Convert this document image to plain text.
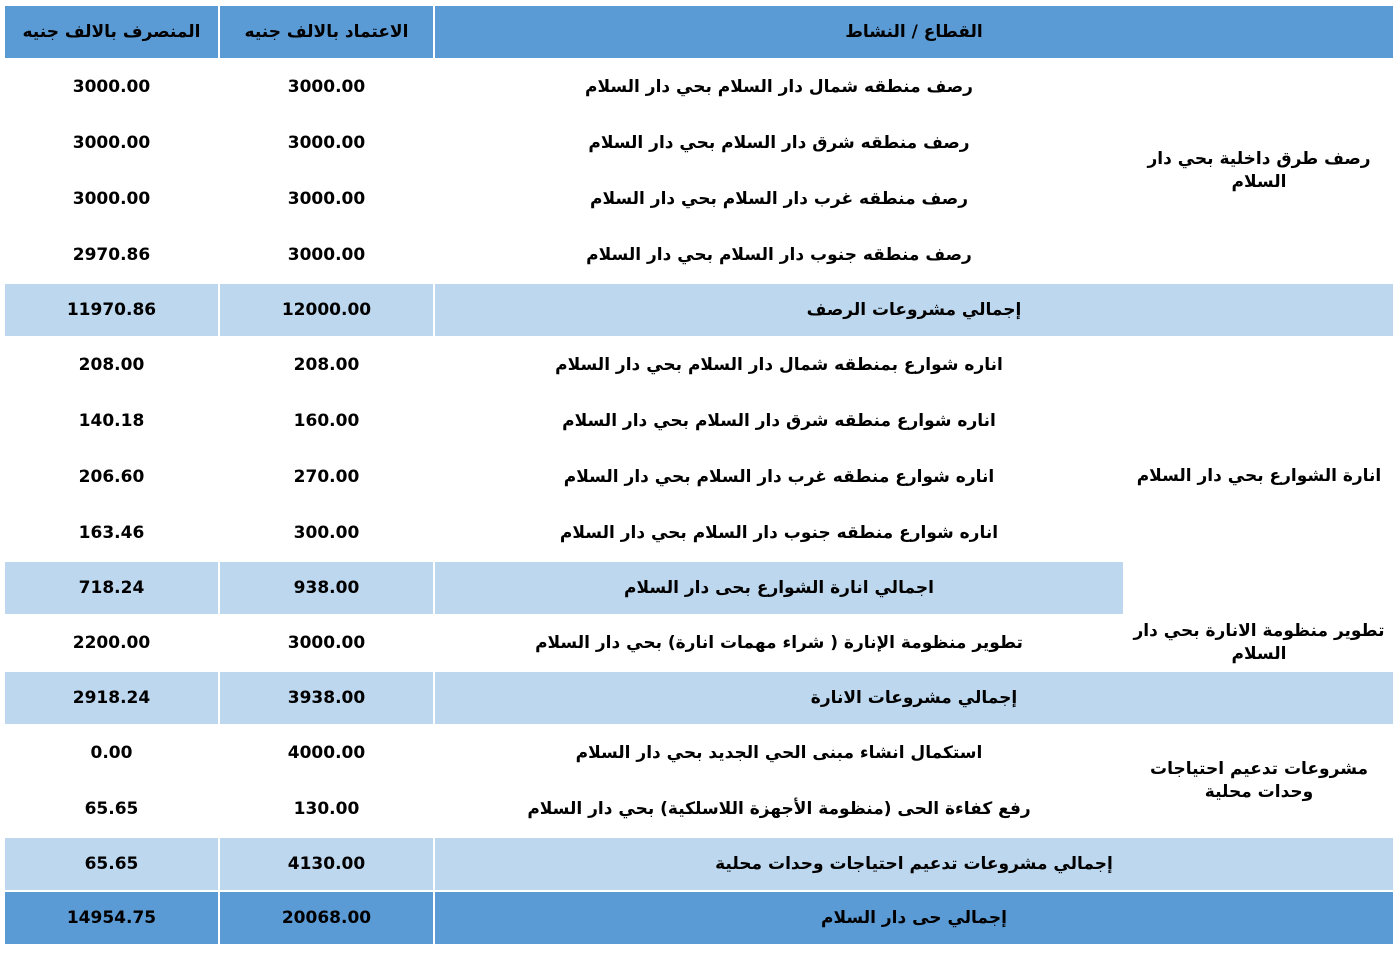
القطاع / النشاط		الاعتماد بالالف جنيه	المنصرف بالالف جنيه
رصف طرق داخلية بحي دار السلام	رصف منطقه شمال دار السلام بحي دار السلام	3000.00	3000.00
	رصف منطقه شرق دار السلام بحي دار السلام	3000.00	3000.00
	رصف منطقه غرب دار السلام بحي دار السلام	3000.00	3000.00
	رصف منطقه جنوب دار السلام بحي دار السلام	3000.00	2970.86
إجمالي مشروعات الرصف		12000.00	11970.86
انارة الشوارع بحي دار السلام	اناره شوارع بمنطقه شمال دار السلام بحي دار السلام	208.00	208.00
	اناره شوارع منطقه شرق دار السلام بحي دار السلام	160.00	140.18
	اناره شوارع منطقه غرب دار السلام بحي دار السلام	270.00	206.60
	اناره شوارع منطقه جنوب دار السلام بحي دار السلام	300.00	163.46
	اجمالي انارة الشوارع بحى دار السلام	938.00	718.24
تطوير منظومة الانارة بحي دار السلام	تطوير منظومة الإنارة ( شراء مهمات انارة) بحي دار السلام	3000.00	2200.00
إجمالي مشروعات الانارة		3938.00	2918.24
مشروعات تدعيم احتياجات وحدات محلية	استكمال انشاء مبنى الحي الجديد بحي دار السلام	4000.00	0.00
	رفع كفاءة الحى (منظومة الأجهزة اللاسلكية) بحي دار السلام	130.00	65.65
إجمالي مشروعات تدعيم احتياجات وحدات محلية		4130.00	65.65
إجمالي حى دار السلام		20068.00	14954.75
